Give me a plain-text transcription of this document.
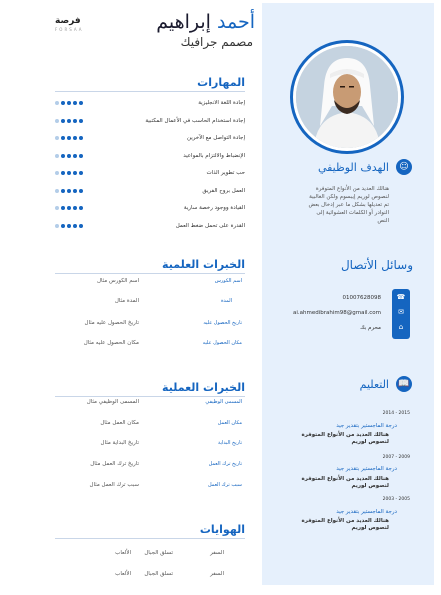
فرصة
FORSAA	أحمد إبراهيم
مصمم جرافيك
☺
الهدف الوظيفي
هنالك العديد من الأنواع المتوفرة
لنصوص لوريم إيبسوم ولكن الغالبية
تم تعديلها بشكل ما عبر إدخال بعض
النوادر أو الكلمات العشوائية إلى
النص
وسائل الأتصال
☎
✉
⌂
01007628098
ai.ahmedibrahim98@gmail.com
محرم بك
📖
التعليم
2014 - 2015
درجة الماجستير بتقدير جيد
هنالك العديد من الأنواع المتوفرة
لنصوص لوريم
2007 - 2009
درجة الماجستير بتقدير جيد
هنالك العديد من الأنواع المتوفرة
لنصوص لوريم
2003 - 2005
درجة الماجستير بتقدير جيد
هنالك العديد من الأنواع المتوفرة
لنصوص لوريم
المهارات
إجادة اللغة الانجليزية
إجادة استخدام الحاسب في الأعمال المكتبية
إجادة التواصل مع الآخرين
الإنضباط والالتزام بالمواعيد
حب تطوير الذات
العمل بروح الفريق
القيادة ووجود رخصة سارية
القدرة على تحمل ضغط العمل
الخبرات العلمية
اسم الكورس
اسم الكورس مثال
المدة
المدة مثال
تاريخ الحصول عليه
تاريخ الحصول عليه مثال
مكان الحصول عليه
مكان الحصول عليه مثال
الخبرات العملية
المسمى الوظيفي
المسمى الوظيفي مثال
مكان العمل
مكان العمل مثال
تاريخ البداية
تاريخ البداية مثال
تاريخ ترك العمل
تاريخ ترك العمل مثال
سبب ترك العمل
سبب ترك العمل مثال
الهوايات
السفر
تسلق الجبال
الألعاب
السفر
تسلق الجبال
الألعاب
